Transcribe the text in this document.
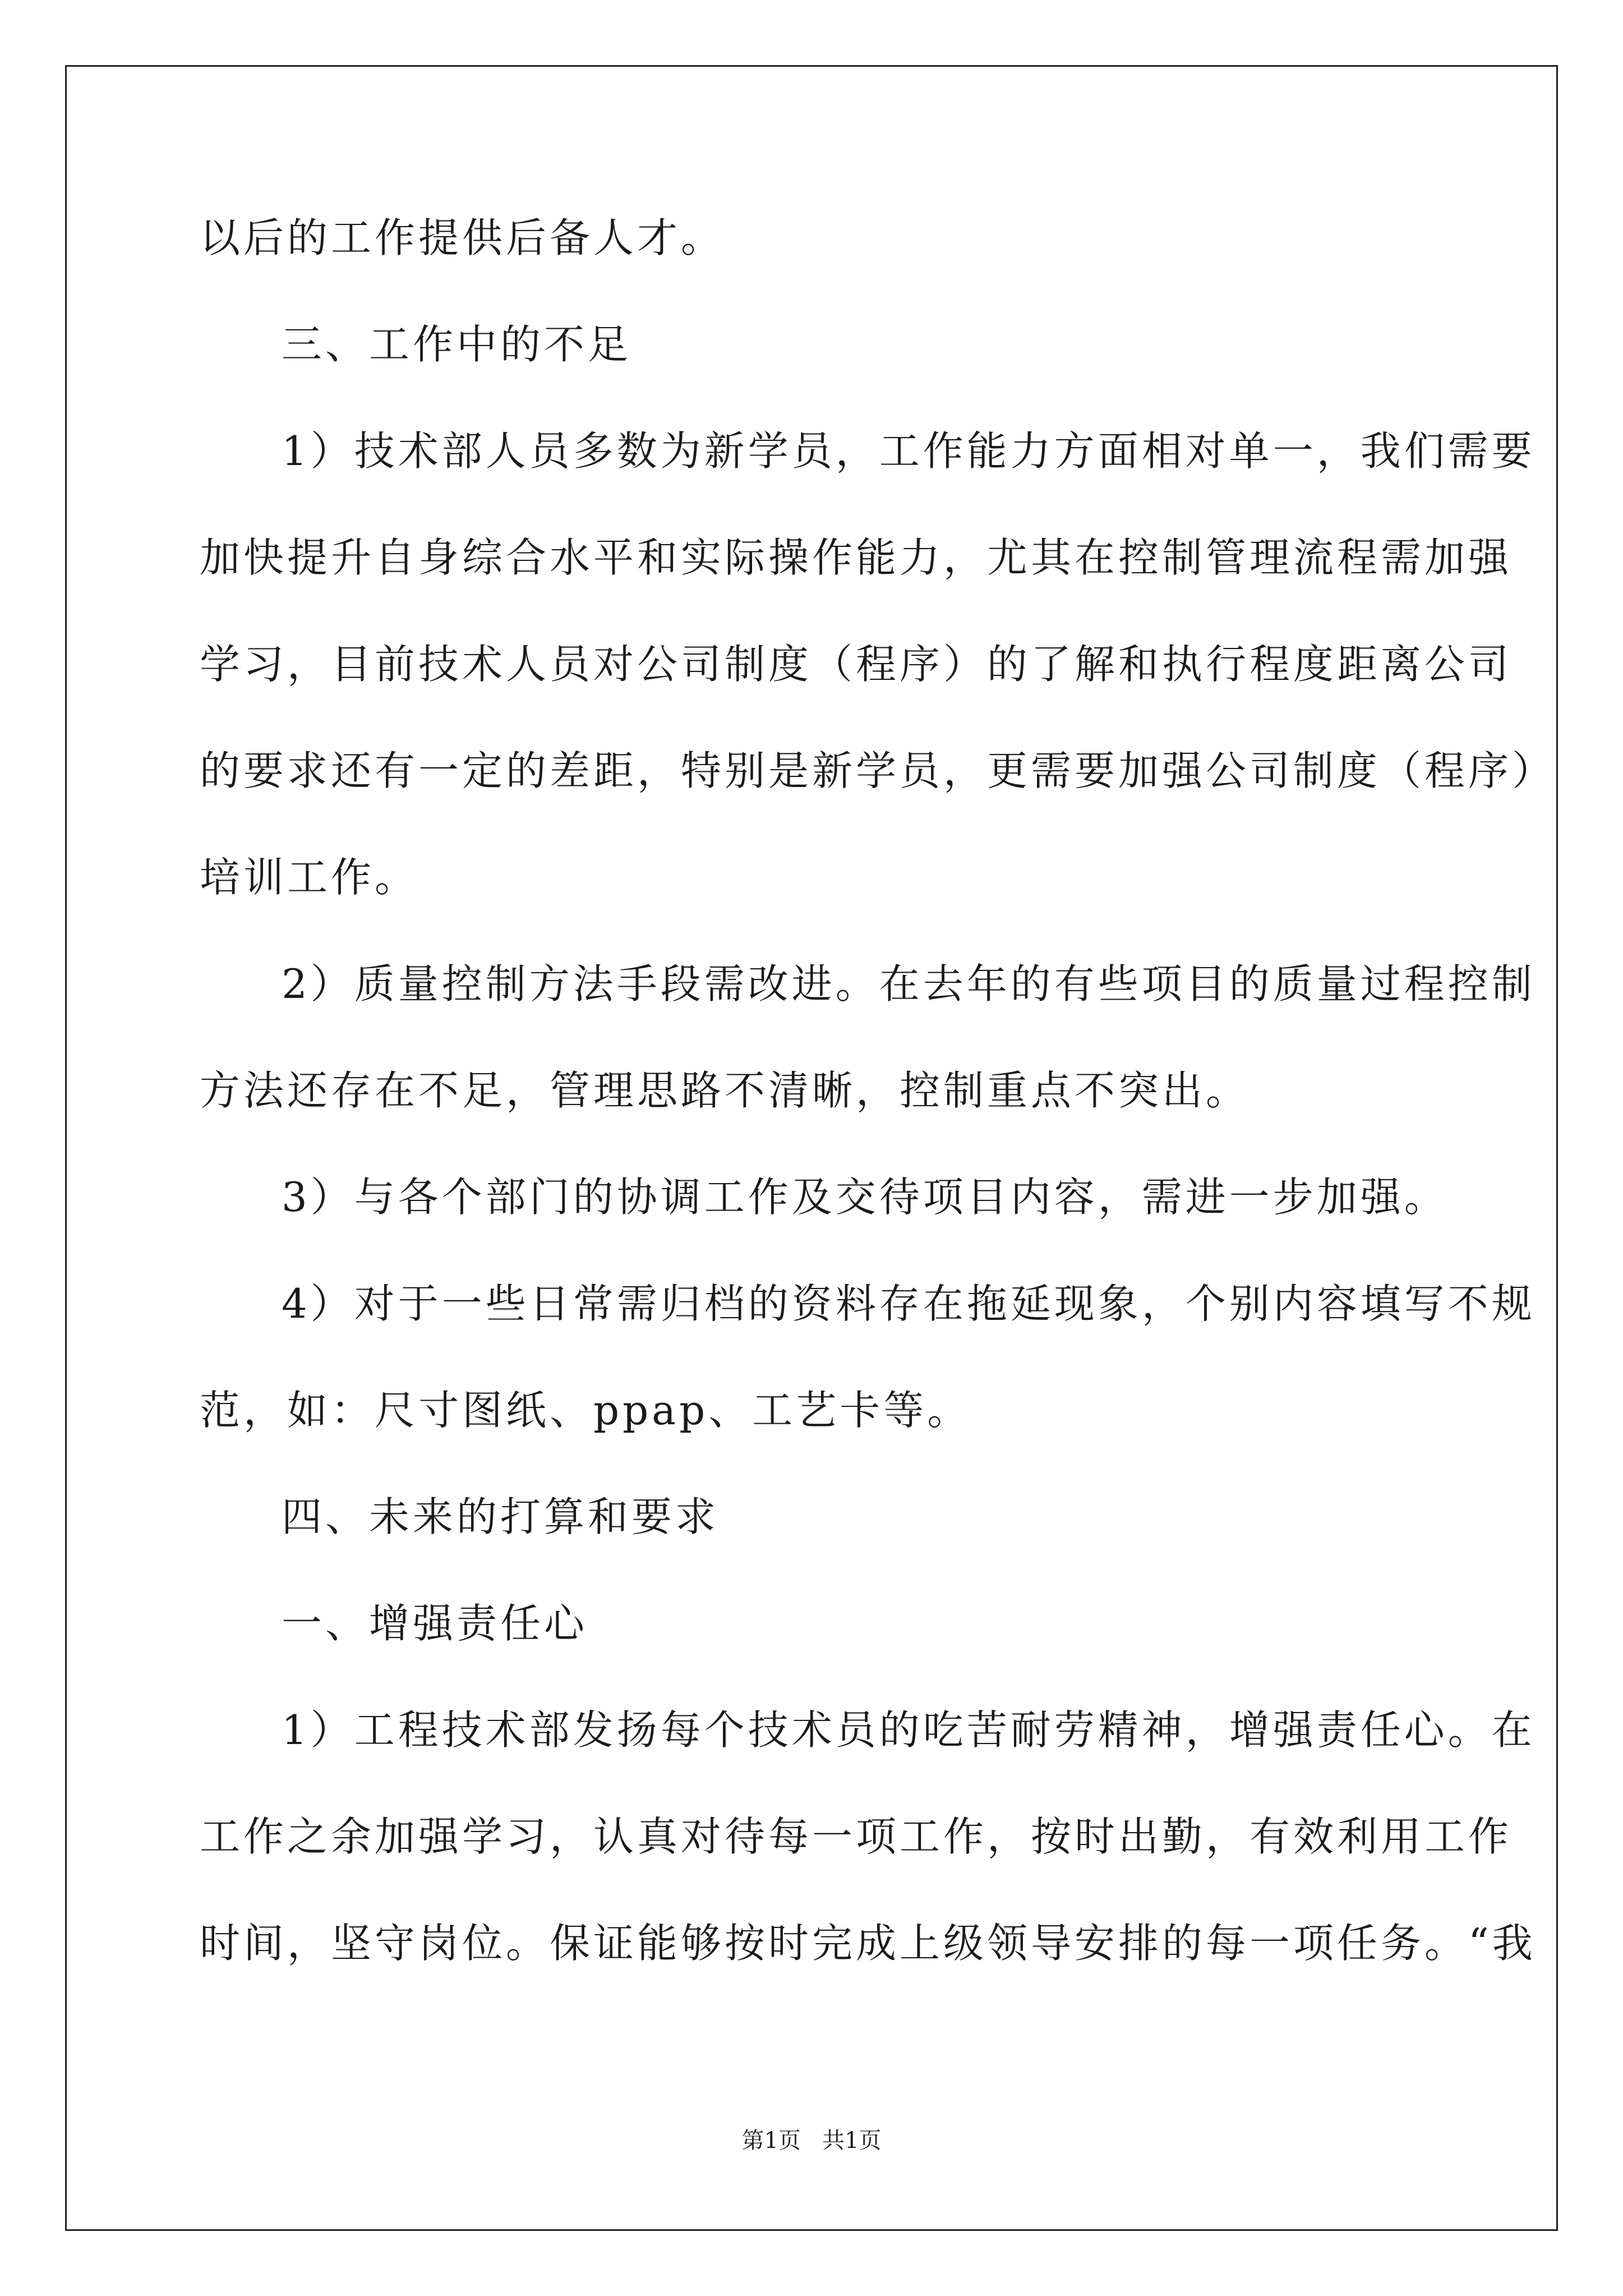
以后的工作提供后备人才。
三、工作中的不足
1）技术部人员多数为新学员，工作能力方面相对单一，我们需要
加快提升自身综合水平和实际操作能力，尤其在控制管理流程需加强
学习，目前技术人员对公司制度（程序）的了解和执行程度距离公司
的要求还有一定的差距，特别是新学员，更需要加强公司制度（程序）
培训工作。
2）质量控制方法手段需改进。在去年的有些项目的质量过程控制
方法还存在不足，管理思路不清晰，控制重点不突出。
3）与各个部门的协调工作及交待项目内容，需进一步加强。
4）对于一些日常需归档的资料存在拖延现象，个别内容填写不规
范，如：尺寸图纸、ppap、工艺卡等。
四、未来的打算和要求
一、增强责任心
1）工程技术部发扬每个技术员的吃苦耐劳精神，增强责任心。在
工作之余加强学习，认真对待每一项工作，按时出勤，有效利用工作
时间，坚守岗位。保证能够按时完成上级领导安排的每一项任务。“我
第1页   共1页
